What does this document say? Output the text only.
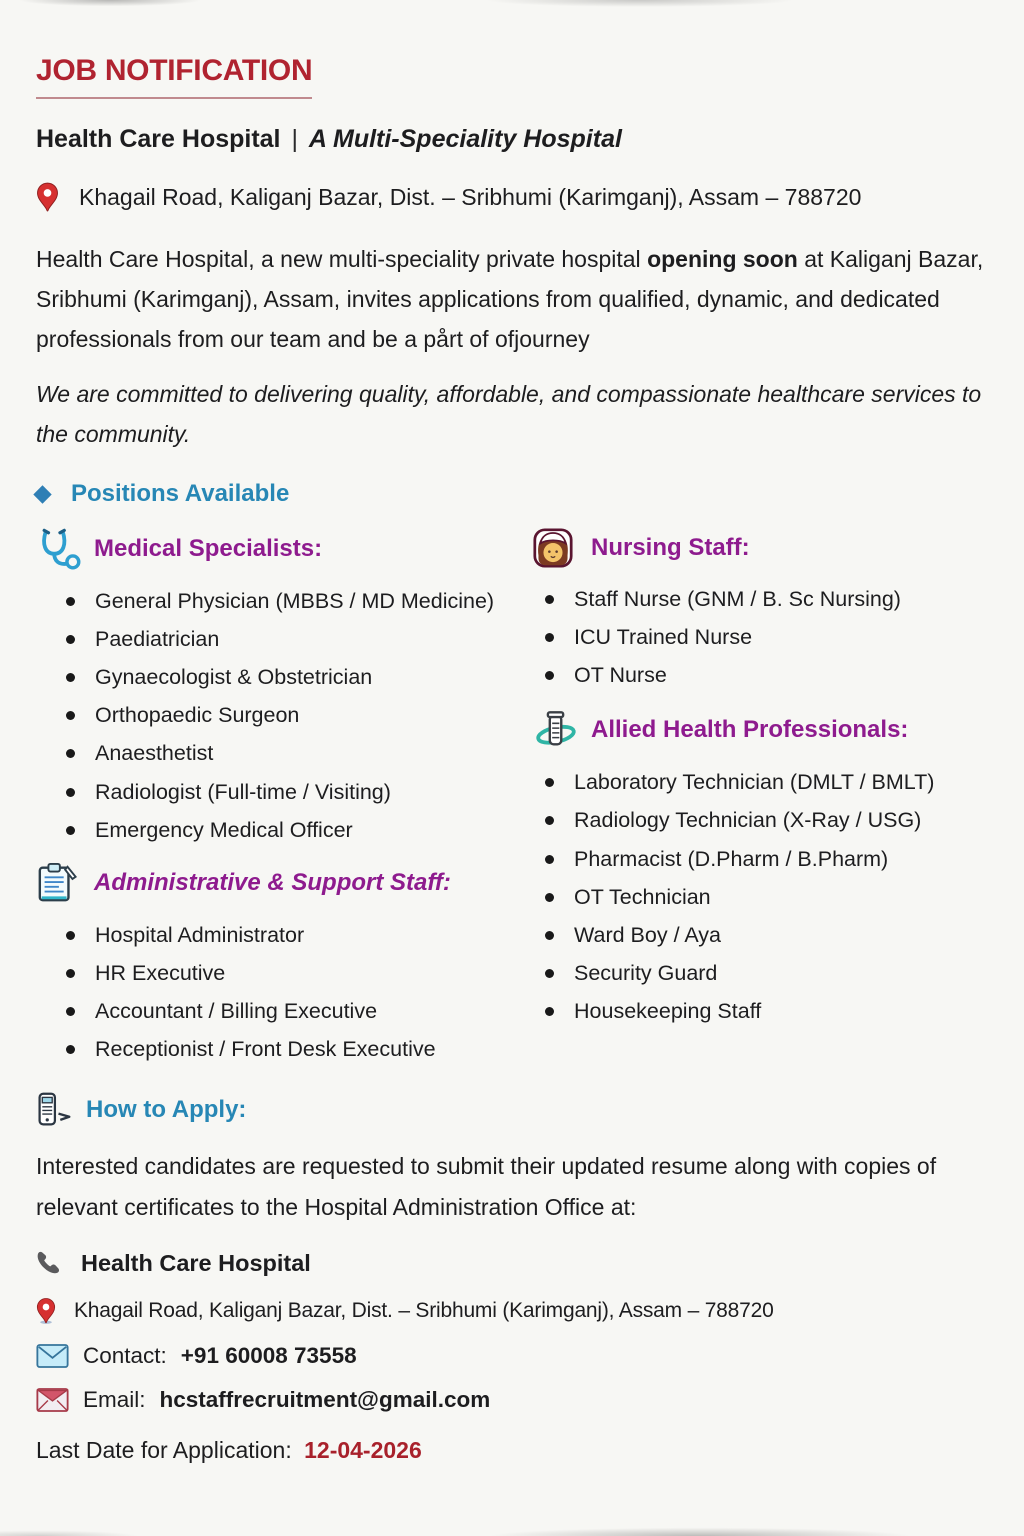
JOB NOTIFICATION
Health Care Hospital | A Multi-Speciality Hospital
Khagail Road, Kaliganj Bazar, Dist. – Sribhumi (Karimganj), Assam – 788720

Health Care Hospital, a new multi-speciality private hospital opening soon at Kaliganj Bazar, Sribhumi (Karimganj), Assam, invites applications from qualified, dynamic, and dedicated professionals from our team and be a pårt of ofjourney

We are committed to delivering quality, affordable, and compassionate healthcare services to the community.

Positions Available
Medical Specialists:
General Physician (MBBS / MD Medicine)
Paediatrician
Gynaecologist & Obstetrician
Orthopaedic Surgeon
Anaesthetist
Radiologist (Full-time / Visiting)
Emergency Medical Officer
Administrative & Support Staff:
Hospital Administrator
HR Executive
Accountant / Billing Executive
Receptionist / Front Desk Executive
Nursing Staff:
Staff Nurse (GNM / B. Sc Nursing)
ICU Trained Nurse
OT Nurse
Allied Health Professionals:
Laboratory Technician (DMLT / BMLT)
Radiology Technician (X-Ray / USG)
Pharmacist (D.Pharm / B.Pharm)
OT Technician
Ward Boy / Aya
Security Guard
Housekeeping Staff
How to Apply:

Interested candidates are requested to submit their updated resume along with copies of relevant certificates to the Hospital Administration Office at:

Health Care Hospital
Khagail Road, Kaliganj Bazar, Dist. – Sribhumi (Karimganj), Assam – 788720
Contact: +91 60008 73558
Email: hcstaffrecruitment@gmail.com
Last Date for Application: 12-04-2026
